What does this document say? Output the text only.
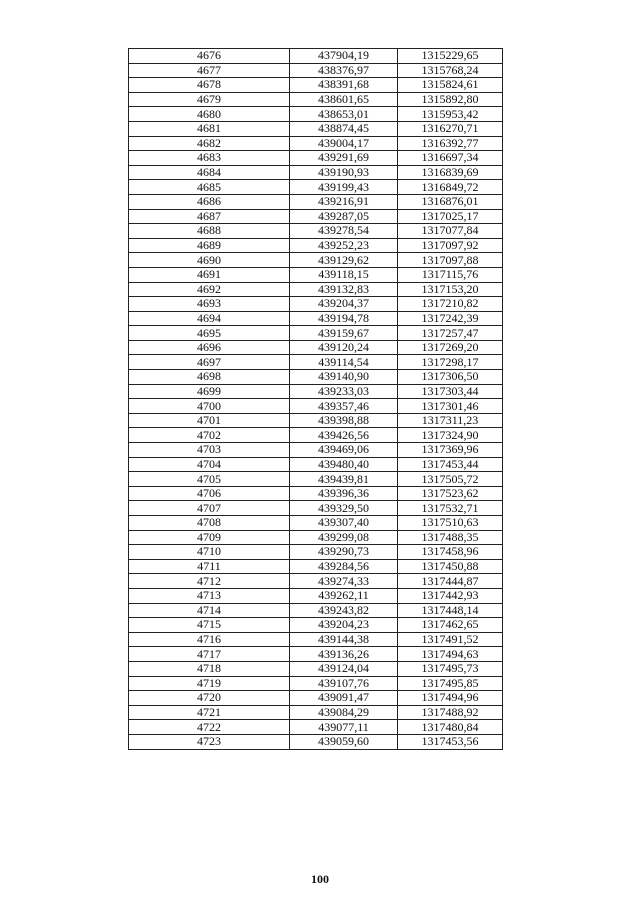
4676	437904,19	1315229,65
4677	438376,97	1315768,24
4678	438391,68	1315824,61
4679	438601,65	1315892,80
4680	438653,01	1315953,42
4681	438874,45	1316270,71
4682	439004,17	1316392,77
4683	439291,69	1316697,34
4684	439190,93	1316839,69
4685	439199,43	1316849,72
4686	439216,91	1316876,01
4687	439287,05	1317025,17
4688	439278,54	1317077,84
4689	439252,23	1317097,92
4690	439129,62	1317097,88
4691	439118,15	1317115,76
4692	439132,83	1317153,20
4693	439204,37	1317210,82
4694	439194,78	1317242,39
4695	439159,67	1317257,47
4696	439120,24	1317269,20
4697	439114,54	1317298,17
4698	439140,90	1317306,50
4699	439233,03	1317303,44
4700	439357,46	1317301,46
4701	439398,88	1317311,23
4702	439426,56	1317324,90
4703	439469,06	1317369,96
4704	439480,40	1317453,44
4705	439439,81	1317505,72
4706	439396,36	1317523,62
4707	439329,50	1317532,71
4708	439307,40	1317510,63
4709	439299,08	1317488,35
4710	439290,73	1317458,96
4711	439284,56	1317450,88
4712	439274,33	1317444,87
4713	439262,11	1317442,93
4714	439243,82	1317448,14
4715	439204,23	1317462,65
4716	439144,38	1317491,52
4717	439136,26	1317494,63
4718	439124,04	1317495,73
4719	439107,76	1317495,85
4720	439091,47	1317494,96
4721	439084,29	1317488,92
4722	439077,11	1317480,84
4723	439059,60	1317453,56
100
